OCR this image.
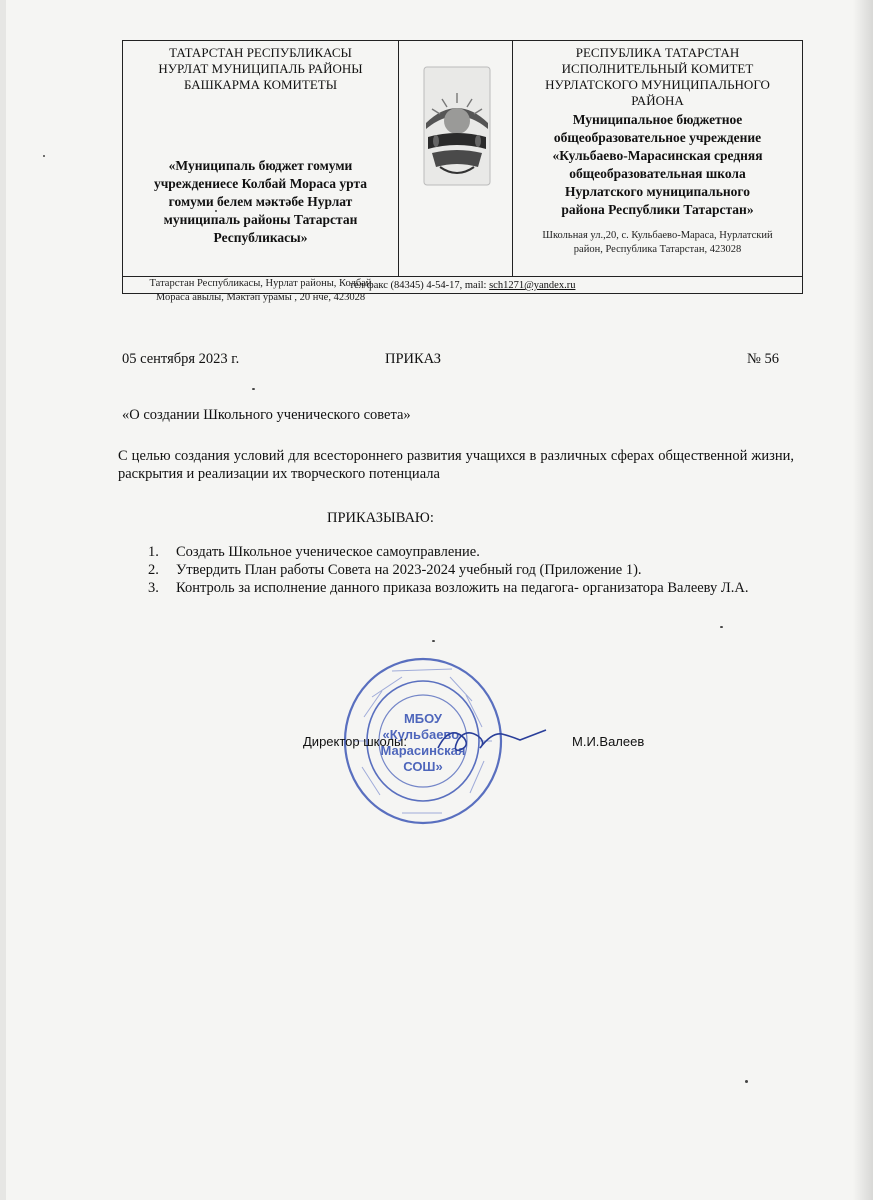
ТАТАРСТАН РЕСПУБЛИКАСЫ
НУРЛАТ МУНИЦИПАЛЬ РАЙОНЫ
БАШКАРМА КОМИТЕТЫ
«Муниципаль бюджет гомуми
учреждениесе Колбай Мораса урта
гомуми белем мәктәбе Нурлат
муниципаль районы Татарстан
Республикасы»
Татарстан Республикасы, Нурлат районы, Колбай
Мораса авылы, Мәктәп урамы , 20 нче, 423028
РЕСПУБЛИКА ТАТАРСТАН
ИСПОЛНИТЕЛЬНЫЙ КОМИТЕТ
НУРЛАТСКОГО МУНИЦИПАЛЬНОГО
РАЙОНА
Муниципальное бюджетное
общеобразовательное учреждение
«Кульбаево-Марасинская средняя
общеобразовательная школа
Нурлатского муниципального
района Республики Татарстан»
Школьная ул.,20, с. Кульбаево-Мараса, Нурлатский
район, Республика Татарстан, 423028
тел/факс (84345) 4-54-17, mail: sch1271@yandex.ru
05 сентября 2023 г.	ПРИКАЗ	№ 56
«О создании Школьного ученического совета»
С целью создания условий для всестороннего развития учащихся в различных сферах общественной жизни, раскрытия и реализации их творческого потенциала
ПРИКАЗЫВАЮ:
1. Создать Школьное ученическое самоуправление.
2. Утвердить План работы Совета на 2023-2024 учебный год (Приложение 1).
3. Контроль за исполнение данного приказа возложить на педагога- организатора Валееву Л.А.
МБОУ
«Кульбаево-
Марасинская
СОШ»
Директор школы:	М.И.Валеев
